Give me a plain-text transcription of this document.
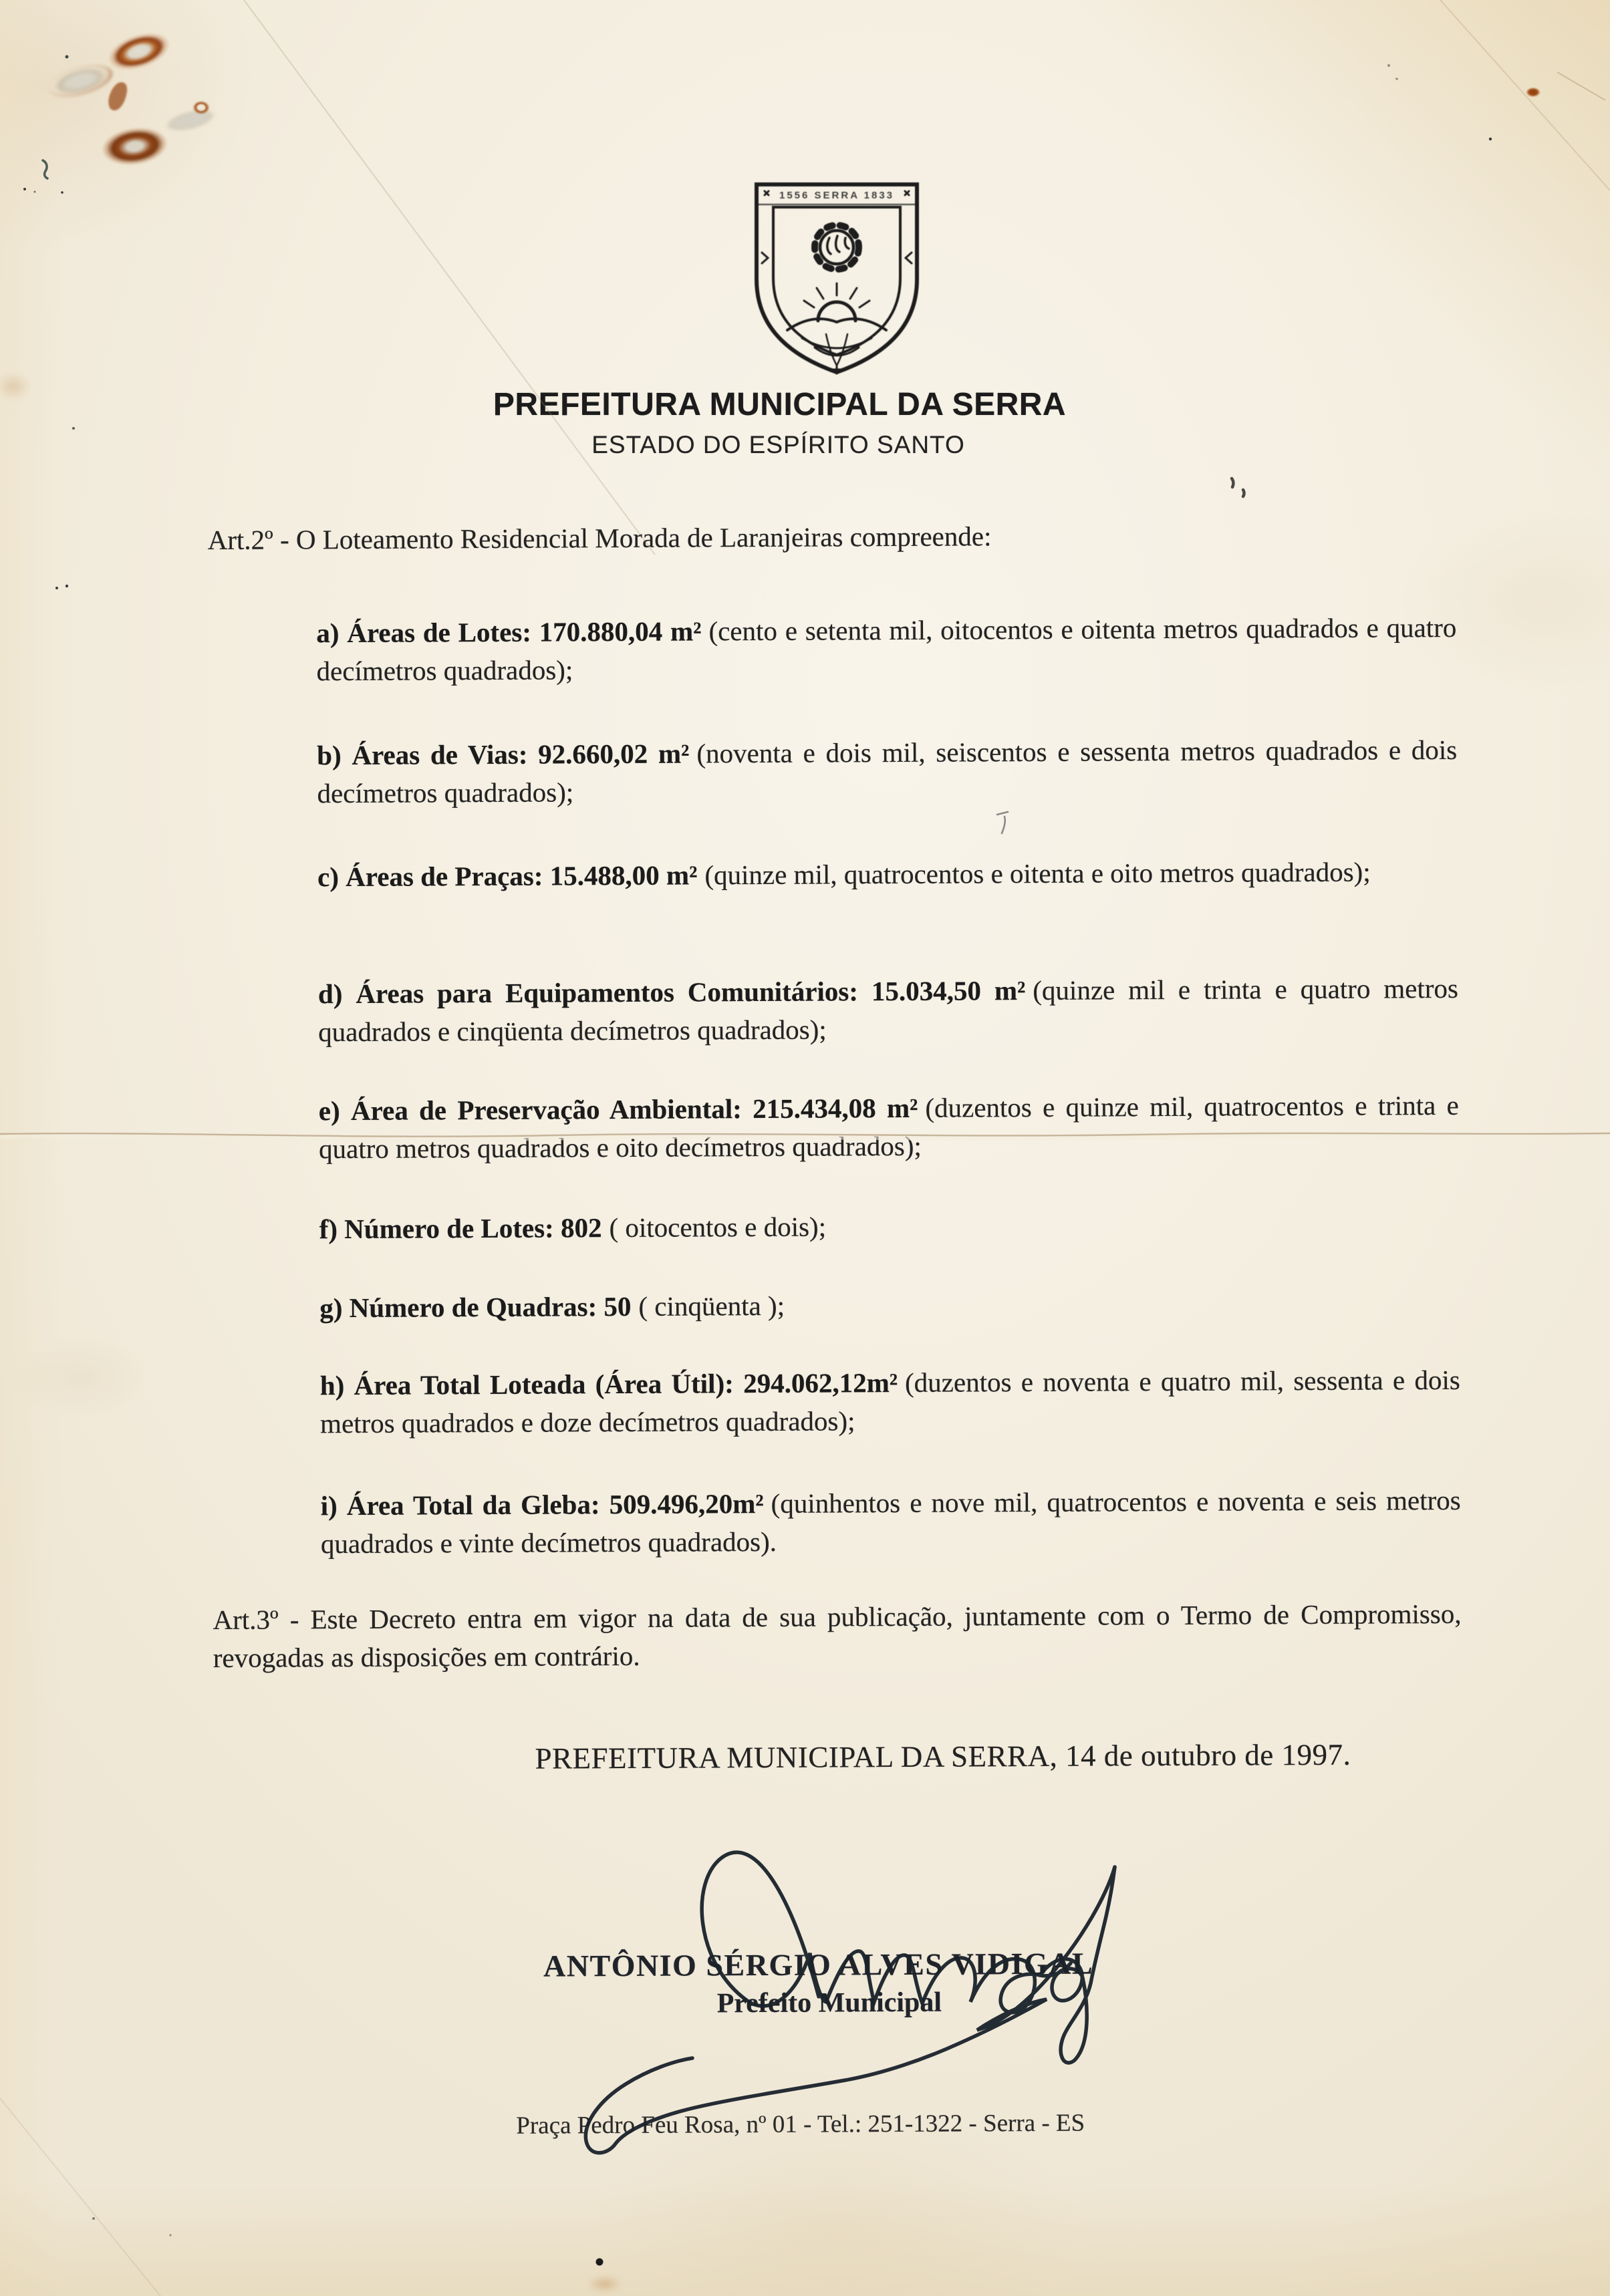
1556 SERRA 1833
PREFEITURA MUNICIPAL DA SERRA
ESTADO DO ESPÍRITO SANTO
Art.2º - O Loteamento Residencial Morada de Laranjeiras compreende:
a) Áreas de Lotes: 170.880,04 m² (cento e setenta mil, oitocentos e oitenta metros quadrados e quatro decímetros quadrados);
b) Áreas de Vias: 92.660,02 m² (noventa e dois mil, seiscentos e sessenta metros quadrados e dois decímetros quadrados);
c) Áreas de Praças: 15.488,00 m² (quinze mil, quatrocentos e oitenta e oito metros quadrados);
d) Áreas para Equipamentos Comunitários: 15.034,50 m² (quinze mil e trinta e quatro metros quadrados e cinqüenta decímetros quadrados);
e) Área de Preservação Ambiental: 215.434,08 m² (duzentos e quinze mil, quatrocentos e trinta e quatro metros quadrados e oito decímetros quadrados);
f) Número de Lotes: 802 ( oitocentos e dois);
g) Número de Quadras: 50 ( cinqüenta );
h) Área Total Loteada (Área Útil): 294.062,12m² (duzentos e noventa e quatro mil, sessenta e dois metros quadrados e doze decímetros quadrados);
i) Área Total da Gleba: 509.496,20m² (quinhentos e nove mil, quatrocentos e noventa e seis metros quadrados e vinte decímetros quadrados).
Art.3º - Este Decreto entra em vigor na data de sua publicação, juntamente com o Termo de Compromisso, revogadas as disposições em contrário.
PREFEITURA MUNICIPAL DA SERRA, 14 de outubro de 1997.
ANTÔNIO SÉRGIO ALVES VIDIGAL
Prefeito Municipal
Praça Pedro Feu Rosa, nº 01 - Tel.: 251-1322 - Serra - ES
